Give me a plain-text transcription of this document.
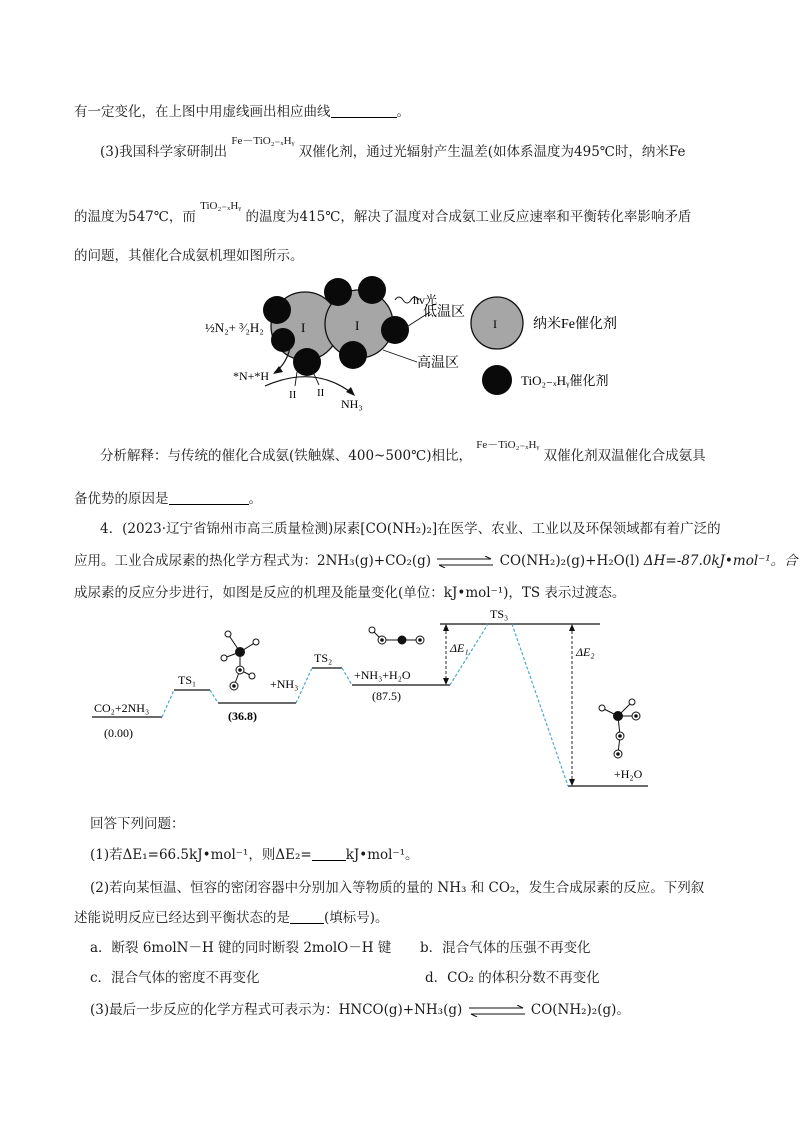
有一定变化，在上图中用虚线画出相应曲线	。
(3)我国科学家研制出 $^{Fe-TiO_{2-x}Hᵧ}$ 双催化剂，通过光辐射产生温差(如体系温度为495℃时，纳米Fe
的温度为547℃，而 $^{TiO_{2-x}Hᵧ}$ 的温度为415℃，解决了温度对合成氨工业反应速率和平衡转化率影响矛盾
的问题，其催化合成氨机理如图所示。
I	I
hv光
低温区
高温区
½N₂+ ³⁄₂H₂
*N+*H
II II
NH₃
I	纳米Fe催化剂
TiO₂₋ₓHᵧ催化剂
分析解释：与传统的催化合成氨(铁触媒、400~500℃)相比， $^{Fe-TiO_{2-x}Hᵧ}$ 双催化剂双温催化合成氨具
备优势的原因是	。
4．(2023·辽宁省锦州市高三质量检测)尿素[CO(NH₂)₂]在医学、农业、工业以及环保领域都有着广泛的
应用。工业合成尿素的热化学方程式为：2NH₃(g)+CO₂(g)	CO(NH₂)₂(g)+H₂O(l) ΔH=-87.0kJ•mol⁻¹。合
成尿素的反应分步进行，如图是反应的机理及能量变化(单位：kJ•mol⁻¹)，TS 表示过渡态。
ΔE₁	ΔE₂
CO₂+2NH₃
(0.00)
TS₁	+NH₃
(36.8)
TS₂
+NH₃+H₂O
(87.5)
TS₃
+H₂O
回答下列问题：
(1)若ΔE₁=66.5kJ•mol⁻¹，则ΔE₂=	kJ•mol⁻¹。
(2)若向某恒温、恒容的密闭容器中分别加入等物质的量的 NH₃ 和 CO₂，发生合成尿素的反应。下列叙
述能说明反应已经达到平衡状态的是	(填标号)。
a．断裂 6molN－H 键的同时断裂 2molO－H 键 b．混合气体的压强不再变化
c．混合气体的密度不再变化	d．CO₂ 的体积分数不再变化
(3)最后一步反应的化学方程式可表示为：HNCO(g)+NH₃(g)	CO(NH₂)₂(g)。
